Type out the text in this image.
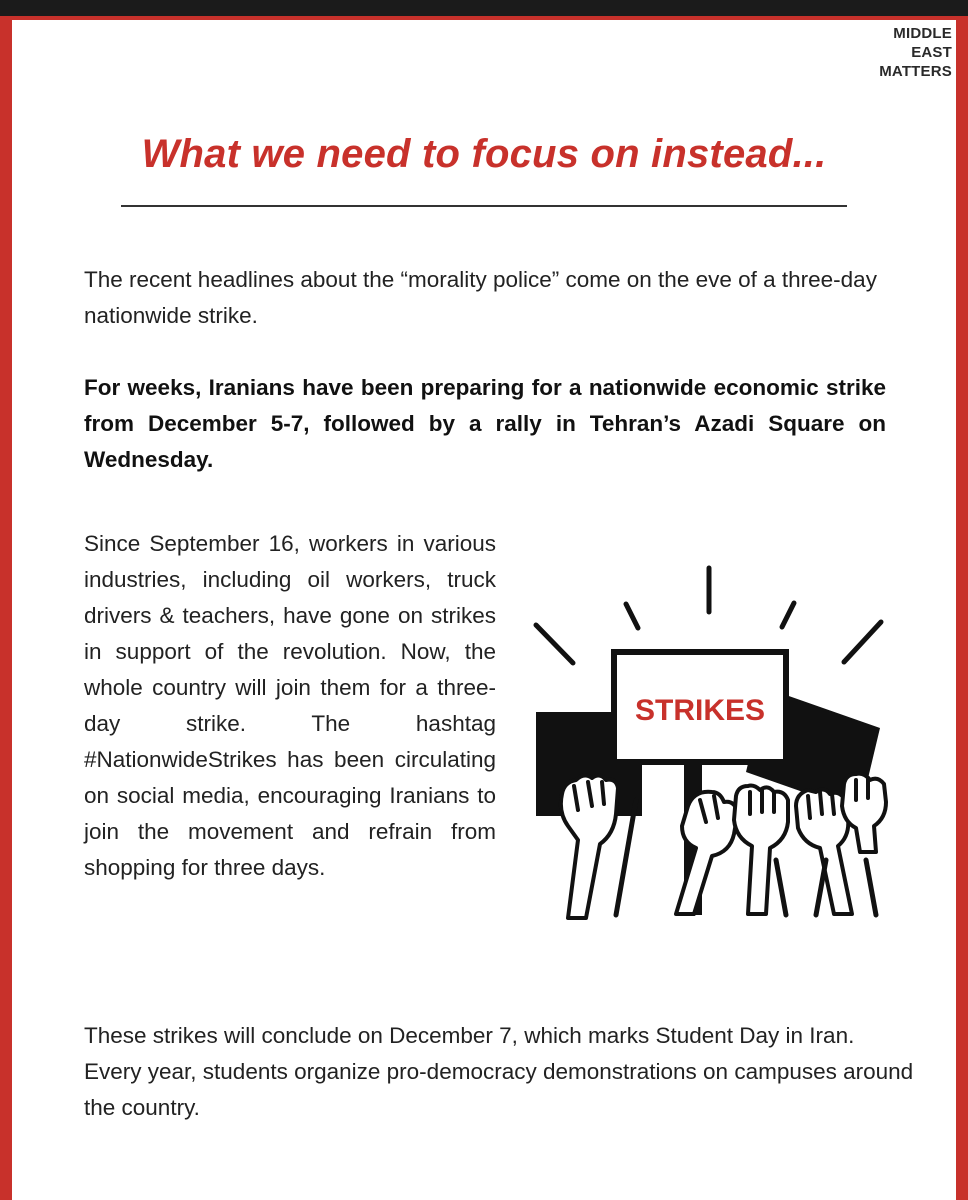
MIDDLE
EAST
MATTERS
What we need to focus on instead...

The recent headlines about the “morality police” come on the eve of a three-day nationwide strike.

For weeks, Iranians have been preparing for a nationwide economic strike from December 5-7, followed by a rally in Tehran’s Azadi Square on Wednesday.

Since September 16, workers in various industries, including oil workers, truck drivers & teachers, have gone on strikes in support of the revolution. Now, the whole country will join them for a three-day strike. The hashtag #NationwideStrikes has been circulating on social media, encouraging Iranians to join the movement and refrain from shopping for three days.

STRIKES

These strikes will conclude on December 7, which marks Student Day in Iran. Every year, students organize pro-democracy demonstrations on campuses around the country.
